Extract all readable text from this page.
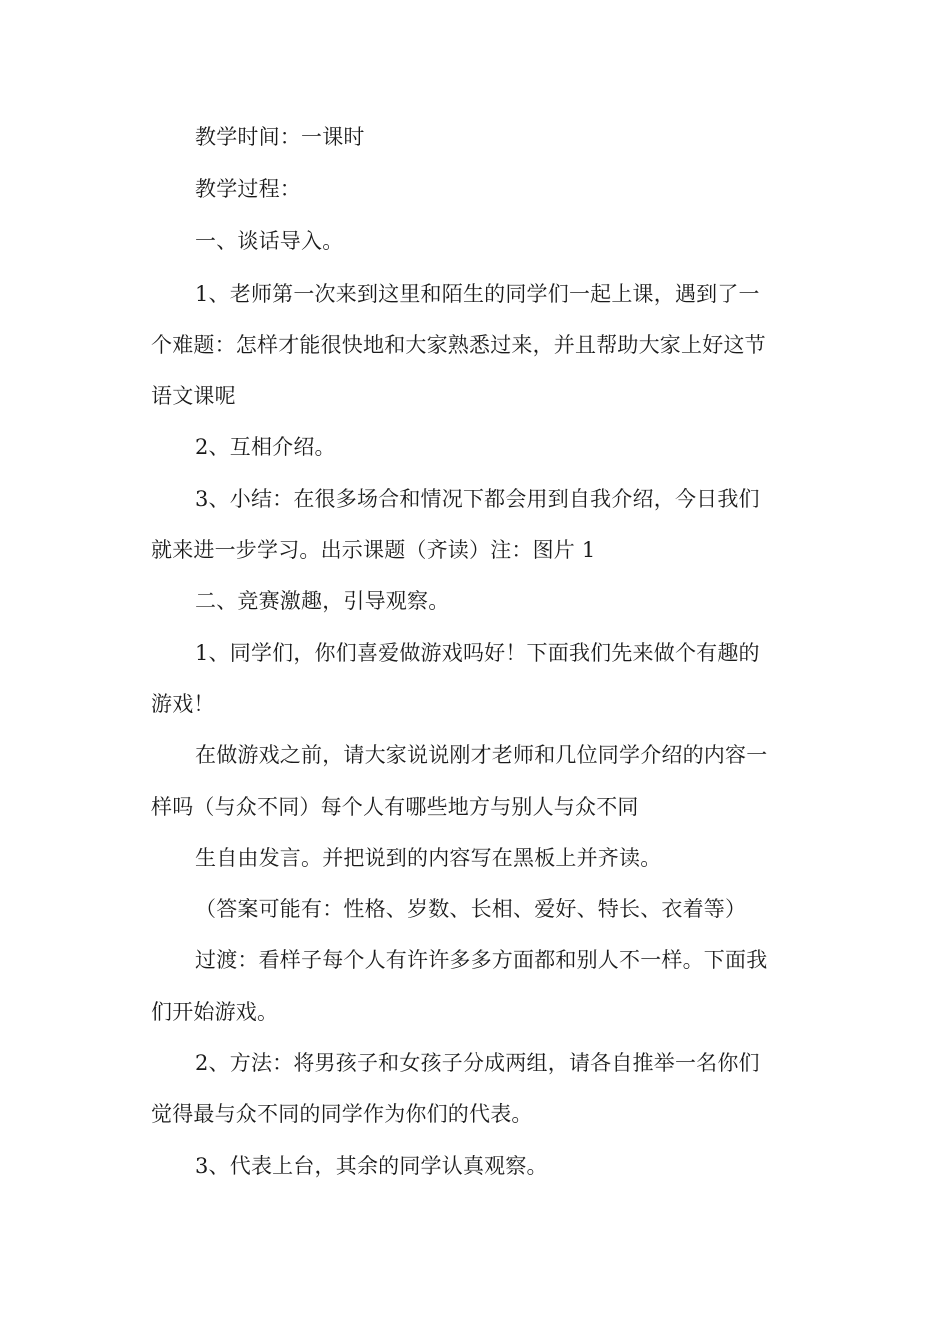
教学时间：一课时
教学过程：
一、谈话导入。
1、老师第一次来到这里和陌生的同学们一起上课，遇到了一
个难题：怎样才能很快地和大家熟悉过来，并且帮助大家上好这节
语文课呢
2、互相介绍。
3、小结：在很多场合和情况下都会用到自我介绍，今日我们
就来进一步学习。出示课题（齐读）注：图片 1
二、竞赛激趣，引导观察。
1、同学们，你们喜爱做游戏吗好！下面我们先来做个有趣的
游戏！
在做游戏之前，请大家说说刚才老师和几位同学介绍的内容一
样吗（与众不同）每个人有哪些地方与别人与众不同
生自由发言。并把说到的内容写在黑板上并齐读。
（答案可能有：性格、岁数、长相、爱好、特长、衣着等）
过渡：看样子每个人有许许多多方面都和别人不一样。下面我
们开始游戏。
2、方法：将男孩子和女孩子分成两组，请各自推举一名你们
觉得最与众不同的同学作为你们的代表。
3、代表上台，其余的同学认真观察。
